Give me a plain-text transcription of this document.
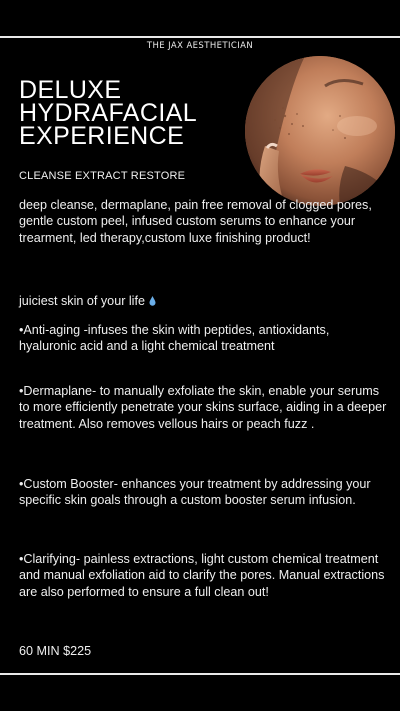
THE JAX AESTHETICIAN
DELUXE
HYDRAFACIAL
EXPERIENCE
CLEANSE EXTRACT RESTORE

deep cleanse, dermaplane, pain free removal of clogged pores, gentle custom peel, infused custom serums to enhance your trearment, led therapy,custom luxe finishing product!

juiciest skin of your life

•Anti-aging -infuses the skin with peptides, antioxidants, hyaluronic acid and a light chemical treatment

•Dermaplane- to manually exfoliate the skin, enable your serums to more efficiently penetrate your skins surface, aiding in a deeper treatment. Also removes vellous hairs or peach fuzz .

•Custom Booster- enhances your treatment by addressing your specific skin goals through a custom booster serum infusion.

•Clarifying- painless extractions, light custom chemical treatment and manual exfoliation aid to clarify the pores. Manual extractions are also performed to ensure a full clean out!

60 MIN $225
